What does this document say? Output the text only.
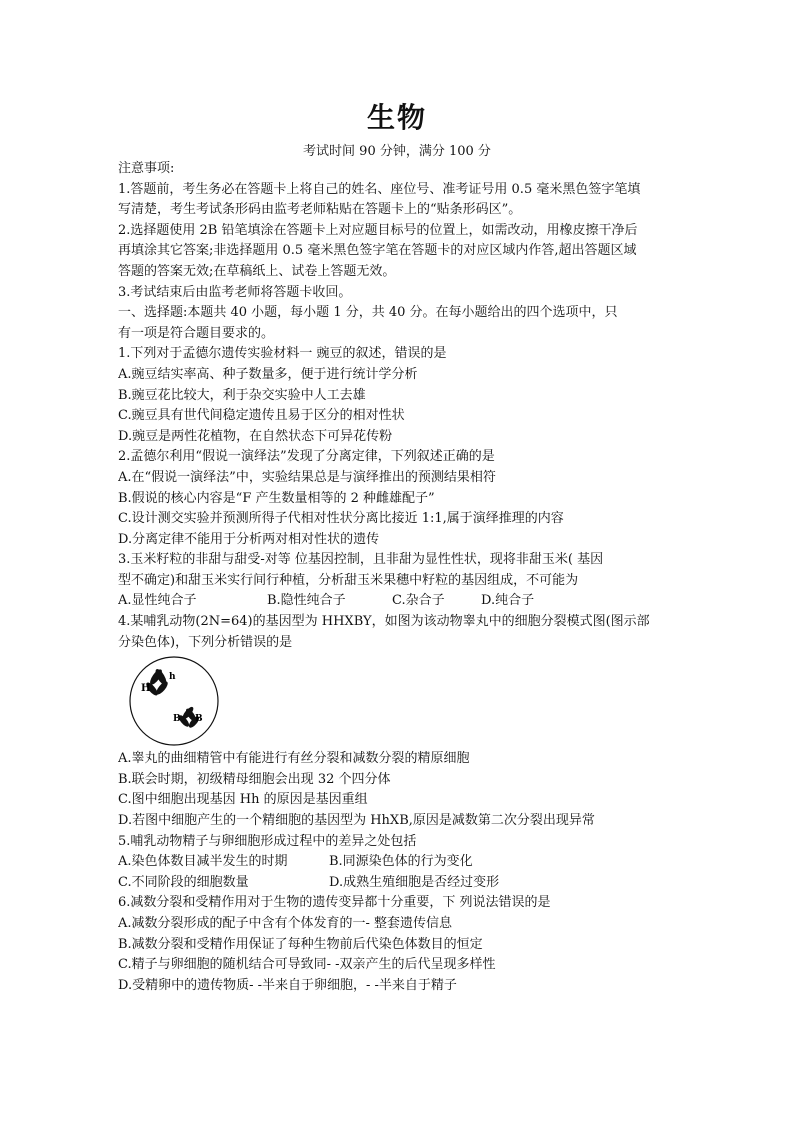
生物
考试时间 90 分钟，满分 100 分
注意事项:
1.答题前，考生务必在答题卡上将自己的姓名、座位号、准考证号用 0.5 毫米黑色签字笔填
写清楚，考生考试条形码由监考老师粘贴在答题卡上的“贴条形码区”。
2.选择题使用 2B 铅笔填涂在答题卡上对应题目标号的位置上，如需改动，用橡皮擦干净后
再填涂其它答案;非选择题用 0.5 毫米黑色签字笔在答题卡的对应区域内作答,超出答题区域
答题的答案无效;在草稿纸上、试卷上答题无效。
3.考试结束后由监考老师将答题卡收回。
一、选择题:本题共 40 小题，每小题 1 分，共 40 分。在每小题给出的四个选项中，只
有一项是符合题目要求的。
1.下列对于孟德尔遗传实验材料一 豌豆的叙述，错误的是
A.豌豆结实率高、种子数量多，便于进行统计学分析
B.豌豆花比较大，利于杂交实验中人工去雄
C.豌豆具有世代间稳定遗传且易于区分的相对性状
D.豌豆是两性花植物，在自然状态下可异花传粉
2.孟德尔利用“假说一演绎法”发现了分离定律，下列叙述正确的是
A.在“假说一演绎法”中，实验结果总是与演绎推出的预测结果相符
B.假说的核心内容是“F 产生数量相等的 2 种雌雄配子”
C.设计测交实验并预测所得子代相对性状分离比接近 1:1,属于演绎推理的内容
D.分离定律不能用于分析两对相对性状的遗传
3.玉米籽粒的非甜与甜受-对等 位基因控制，且非甜为显性性状，现将非甜玉米( 基因
型不确定)和甜玉米实行间行种植，分析甜玉米果穗中籽粒的基因组成，不可能为
A.显性纯合子	B.隐性纯合子	C.杂合子	D.纯合子
4.某哺乳动物(2N=64)的基因型为 HHXBY，如图为该动物睾丸中的细胞分裂模式图(图示部
分染色体)，下列分析错误的是
h
H
B B
A.睾丸的曲细精管中有能进行有丝分裂和减数分裂的精原细胞
B.联会时期，初级精母细胞会出现 32 个四分体
C.图中细胞出现基因 Hh 的原因是基因重组
D.若图中细胞产生的一个精细胞的基因型为 HhXB,原因是减数第二次分裂出现异常
5.哺乳动物精子与卵细胞形成过程中的差异之处包括
A.染色体数目减半发生的时期	B.同源染色体的行为变化
C.不同阶段的细胞数量	D.成熟生殖细胞是否经过变形
6.减数分裂和受精作用对于生物的遗传变异都十分重要，下 列说法错误的是
A.减数分裂形成的配子中含有个体发育的一- 整套遗传信息
B.减数分裂和受精作用保证了每种生物前后代染色体数目的恒定
C.精子与卵细胞的随机结合可导致同- -双亲产生的后代呈现多样性
D.受精卵中的遗传物质- -半来自于卵细胞，- -半来自于精子
